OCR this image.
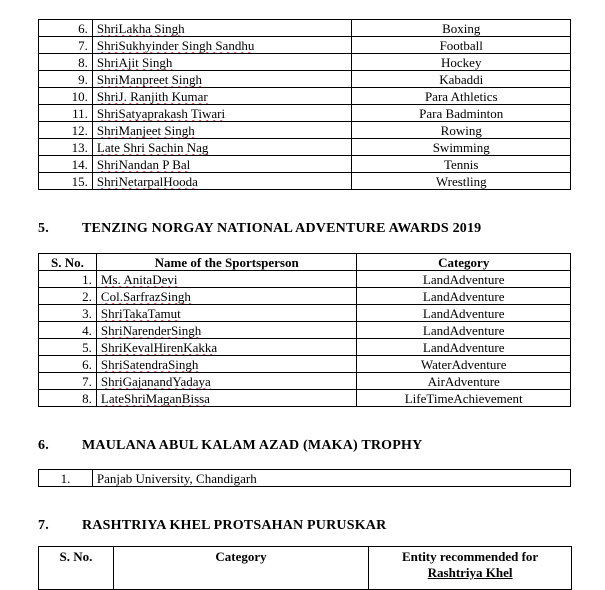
6.	ShriLakha Singh	Boxing
7.	ShriSukhyinder Singh Sandhu	Football
8.	ShriAjit Singh	Hockey
9.	ShriManpreet Singh	Kabaddi
10.	ShriJ. Ranjith Kumar	Para Athletics
11.	ShriSatyaprakash Tiwari	Para Badminton
12.	ShriManjeet Singh	Rowing
13.	Late Shri Sachin Nag	Swimming
14.	ShriNandan P Bal	Tennis
15.	ShriNetarpalHooda	Wrestling
5. TENZING NORGAY NATIONAL ADVENTURE AWARDS 2019
S. No.	Name of the Sportsperson	Category
1.	Ms. AnitaDevi	LandAdventure
2.	Col.SarfrazSingh	LandAdventure
3.	ShriTakaTamut	LandAdventure
4.	ShriNarenderSingh	LandAdventure
5.	ShriKevalHirenKakka	LandAdventure
6.	ShriSatendraSingh	WaterAdventure
7.	ShriGajanandYadaya	AirAdventure
8.	LateShriMaganBissa	LifeTimeAchievement
6. MAULANA ABUL KALAM AZAD (MAKA) TROPHY
1.	Panjab University, Chandigarh
7. RASHTRIYA KHEL PROTSAHAN PURUSKAR
S. No.	Category	Entity recommended for
Rashtriya Khel
